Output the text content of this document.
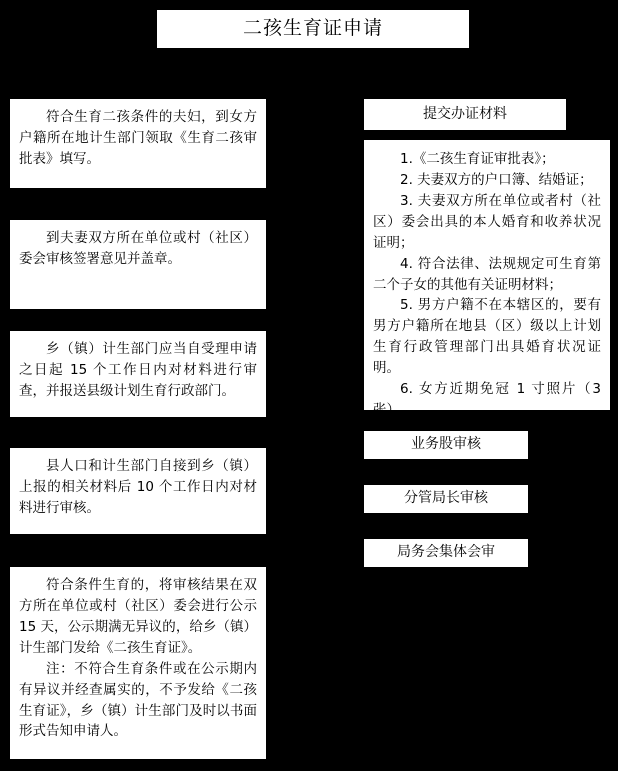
二孩生育证申请

符合生育二孩条件的夫妇，到女方户籍所在地计生部门领取《生育二孩审批表》填写。

到夫妻双方所在单位或村（社区）委会审核签署意见并盖章。

乡（镇）计生部门应当自受理申请之日起 15 个工作日内对材料进行审查，并报送县级计划生育行政部门。

县人口和计生部门自接到乡（镇）上报的相关材料后 10 个工作日内对材料进行审核。

符合条件生育的，将审核结果在双方所在单位或村（社区）委会进行公示 15 天，公示期满无异议的，给乡（镇）计生部门发给《二孩生育证》。

注：不符合生育条件或在公示期内有异议并经查属实的，不予发给《二孩生育证》，乡（镇）计生部门及时以书面形式告知申请人。

提交办证材料

1.《二孩生育证审批表》；

2. 夫妻双方的户口簿、结婚证；

3. 夫妻双方所在单位或者村（社区）委会出具的本人婚育和收养状况证明；

4. 符合法律、法规规定可生育第二个子女的其他有关证明材料；

5. 男方户籍不在本辖区的，要有男方户籍所在地县（区）级以上计划生育行政管理部门出具婚育状况证明。

6. 女方近期免冠 1 寸照片（3 张）。

业务股审核
分管局长审核
局务会集体会审
